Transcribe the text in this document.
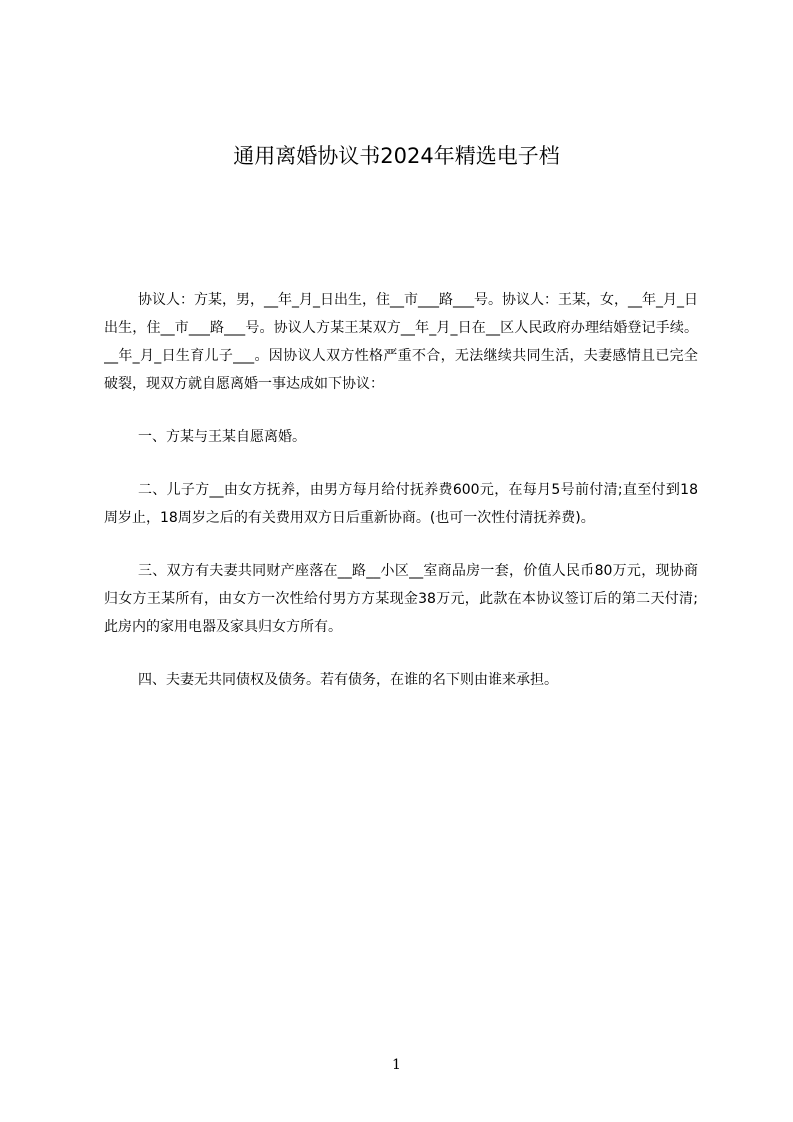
通用离婚协议书2024年精选电子档

协议人：方某，男，__年_月_日出生，住__市___路___号。协议人：王某，女，__年_月_日出生，住__市___路___号。协议人方某王某双方__年_月_日在__区人民政府办理结婚登记手续。__年_月_日生育儿子___。因协议人双方性格严重不合，无法继续共同生活，夫妻感情且已完全破裂，现双方就自愿离婚一事达成如下协议：

一、方某与王某自愿离婚。

二、儿子方__由女方抚养，由男方每月给付抚养费600元，在每月5号前付清;直至付到18周岁止，18周岁之后的有关费用双方日后重新协商。(也可一次性付清抚养费)。

三、双方有夫妻共同财产座落在__路__小区__室商品房一套，价值人民币80万元，现协商归女方王某所有，由女方一次性给付男方方某现金38万元，此款在本协议签订后的第二天付清;此房内的家用电器及家具归女方所有。

四、夫妻无共同债权及债务。若有债务，在谁的名下则由谁来承担。

1
